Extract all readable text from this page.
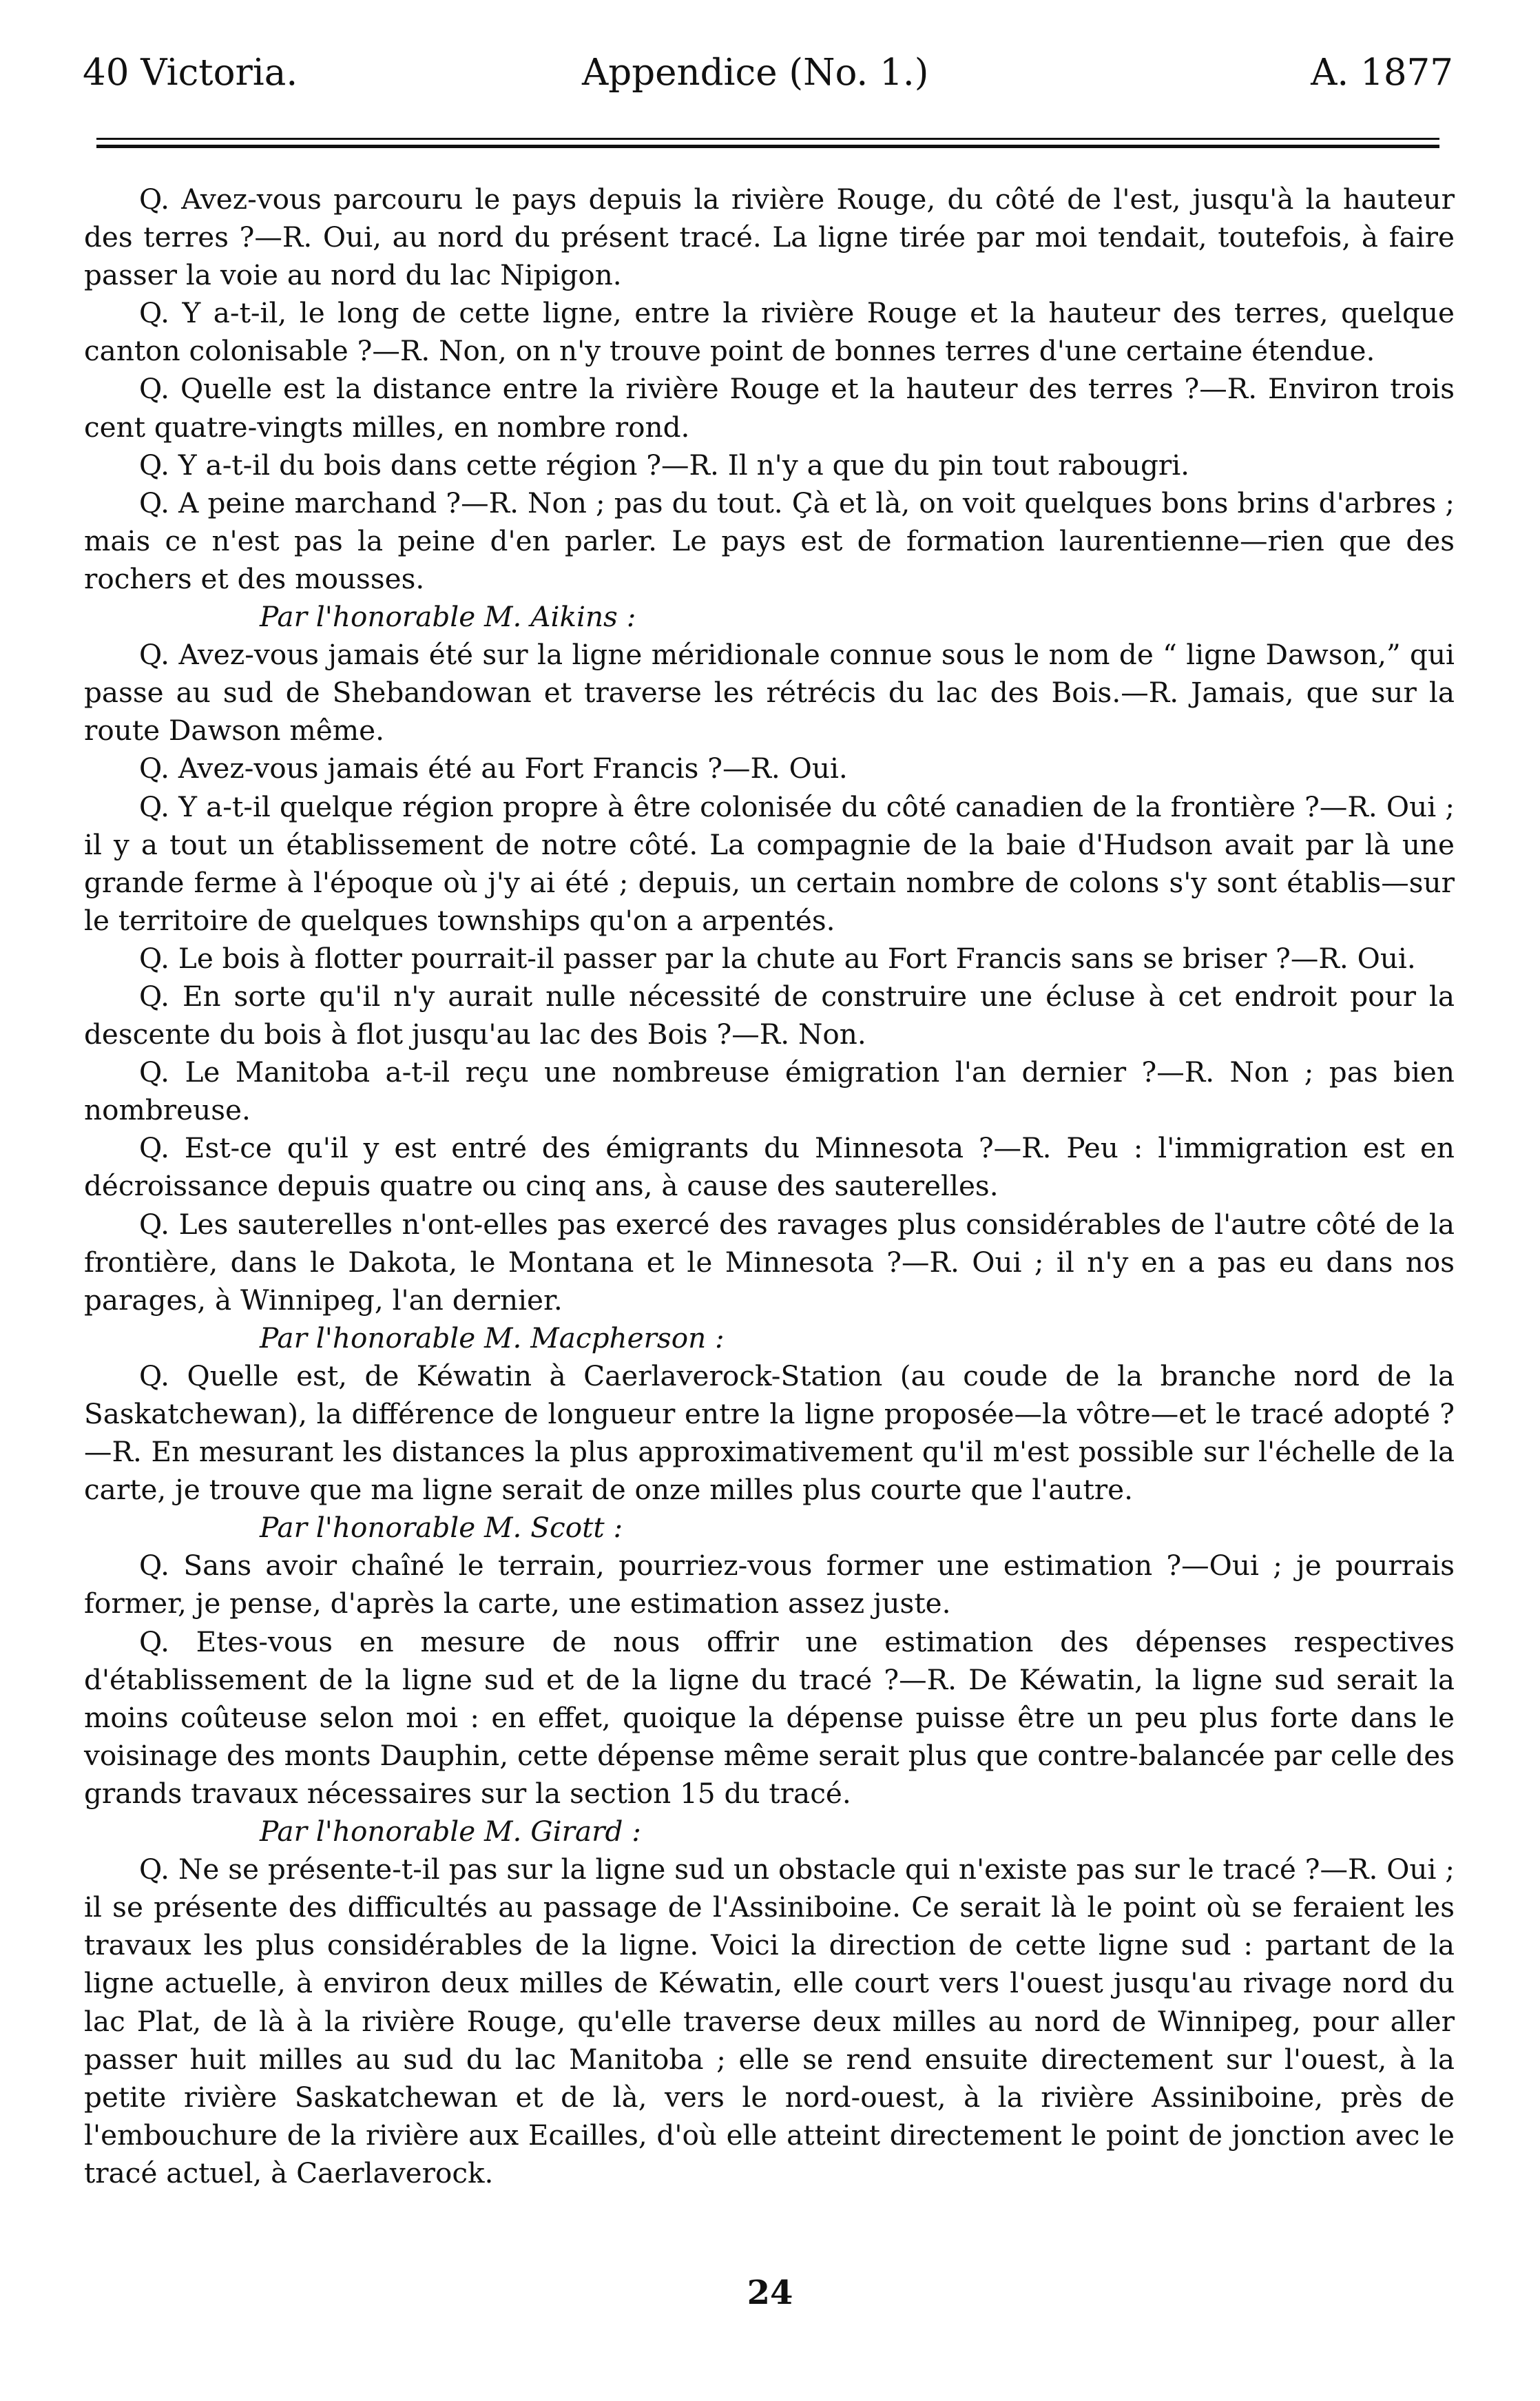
40 Victoria.	Appendice (No. 1.)	A. 1877

Q. Avez-vous parcouru le pays depuis la rivière Rouge, du côté de l'est, jusqu'à la hauteur des terres ?—R. Oui, au nord du présent tracé. La ligne tirée par moi tendait, toutefois, à faire passer la voie au nord du lac Nipigon.

Q. Y a-t-il, le long de cette ligne, entre la rivière Rouge et la hauteur des terres, quelque canton colonisable ?—R. Non, on n'y trouve point de bonnes terres d'une certaine étendue.

Q. Quelle est la distance entre la rivière Rouge et la hauteur des terres ?—R. Environ trois cent quatre-vingts milles, en nombre rond.

Q. Y a-t-il du bois dans cette région ?—R. Il n'y a que du pin tout rabougri.

Q. A peine marchand ?—R. Non ; pas du tout. Çà et là, on voit quelques bons brins d'arbres ; mais ce n'est pas la peine d'en parler. Le pays est de formation laurentienne—rien que des rochers et des mousses.

Par l'honorable M. Aikins :

Q. Avez-vous jamais été sur la ligne méridionale connue sous le nom de “ ligne Dawson,” qui passe au sud de Shebandowan et traverse les rétrécis du lac des Bois.—R. Jamais, que sur la route Dawson même.

Q. Avez-vous jamais été au Fort Francis ?—R. Oui.

Q. Y a-t-il quelque région propre à être colonisée du côté canadien de la frontière ?—R. Oui ; il y a tout un établissement de notre côté. La compagnie de la baie d'Hudson avait par là une grande ferme à l'époque où j'y ai été ; depuis, un certain nombre de colons s'y sont établis—sur le territoire de quelques townships qu'on a arpentés.

Q. Le bois à flotter pourrait-il passer par la chute au Fort Francis sans se briser ?—R. Oui.

Q. En sorte qu'il n'y aurait nulle nécessité de construire une écluse à cet endroit pour la descente du bois à flot jusqu'au lac des Bois ?—R. Non.

Q. Le Manitoba a-t-il reçu une nombreuse émigration l'an dernier ?—R. Non ; pas bien nombreuse.

Q. Est-ce qu'il y est entré des émigrants du Minnesota ?—R. Peu : l'immigration est en décroissance depuis quatre ou cinq ans, à cause des sauterelles.

Q. Les sauterelles n'ont-elles pas exercé des ravages plus considérables de l'autre côté de la frontière, dans le Dakota, le Montana et le Minnesota ?—R. Oui ; il n'y en a pas eu dans nos parages, à Winnipeg, l'an dernier.

Par l'honorable M. Macpherson :

Q. Quelle est, de Kéwatin à Caerlaverock-Station (au coude de la branche nord de la Saskatchewan), la différence de longueur entre la ligne proposée—la vôtre—et le tracé adopté ?—R. En mesurant les distances la plus approximativement qu'il m'est possible sur l'échelle de la carte, je trouve que ma ligne serait de onze milles plus courte que l'autre.

Par l'honorable M. Scott :

Q. Sans avoir chaîné le terrain, pourriez-vous former une estimation ?—Oui ; je pourrais former, je pense, d'après la carte, une estimation assez juste.

Q. Etes-vous en mesure de nous offrir une estimation des dépenses respectives d'établissement de la ligne sud et de la ligne du tracé ?—R. De Kéwatin, la ligne sud serait la moins coûteuse selon moi : en effet, quoique la dépense puisse être un peu plus forte dans le voisinage des monts Dauphin, cette dépense même serait plus que contre-balancée par celle des grands travaux nécessaires sur la section 15 du tracé.

Par l'honorable M. Girard :

Q. Ne se présente-t-il pas sur la ligne sud un obstacle qui n'existe pas sur le tracé ?—R. Oui ; il se présente des difficultés au passage de l'Assiniboine. Ce serait là le point où se feraient les travaux les plus considérables de la ligne. Voici la direction de cette ligne sud : partant de la ligne actuelle, à environ deux milles de Kéwatin, elle court vers l'ouest jusqu'au rivage nord du lac Plat, de là à la rivière Rouge, qu'elle traverse deux milles au nord de Winnipeg, pour aller passer huit milles au sud du lac Manitoba ; elle se rend ensuite directement sur l'ouest, à la petite rivière Saskatchewan et de là, vers le nord-ouest, à la rivière Assiniboine, près de l'embouchure de la rivière aux Ecailles, d'où elle atteint directement le point de jonction avec le tracé actuel, à Caerlaverock.

24
